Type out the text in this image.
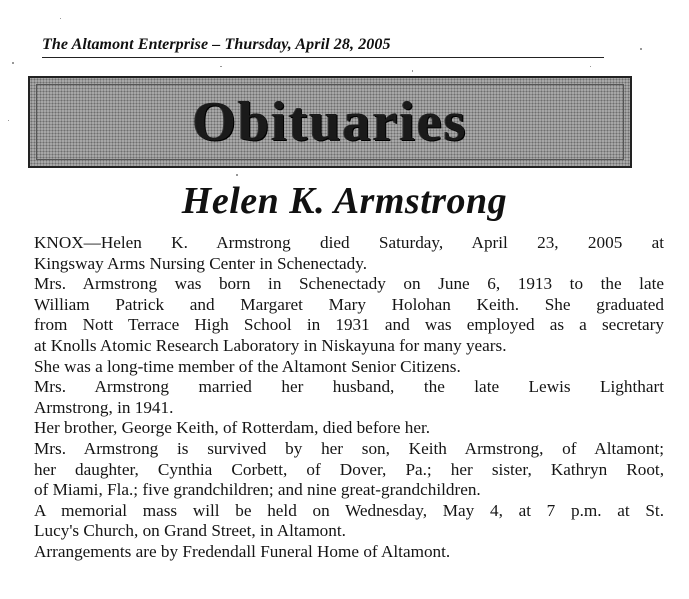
The Altamont Enterprise – Thursday, April 28, 2005
Obituaries
Helen K. Armstrong
KNOX—Helen K. Armstrong died Saturday, April 23, 2005 at
Kingsway Arms Nursing Center in Schenectady.
Mrs. Armstrong was born in Schenectady on June 6, 1913 to the late
William Patrick and Margaret Mary Holohan Keith. She graduated
from Nott Terrace High School in 1931 and was employed as a secretary
at Knolls Atomic Research Laboratory in Niskayuna for many years.
She was a long-time member of the Altamont Senior Citizens.
Mrs. Armstrong married her husband, the late Lewis Lighthart
Armstrong, in 1941.
Her brother, George Keith, of Rotterdam, died before her.
Mrs. Armstrong is survived by her son, Keith Armstrong, of Altamont;
her daughter, Cynthia Corbett, of Dover, Pa.; her sister, Kathryn Root,
of Miami, Fla.; five grandchildren; and nine great-grandchildren.
A memorial mass will be held on Wednesday, May 4, at 7 p.m. at St.
Lucy's Church, on Grand Street, in Altamont.
Arrangements are by Fredendall Funeral Home of Altamont.
